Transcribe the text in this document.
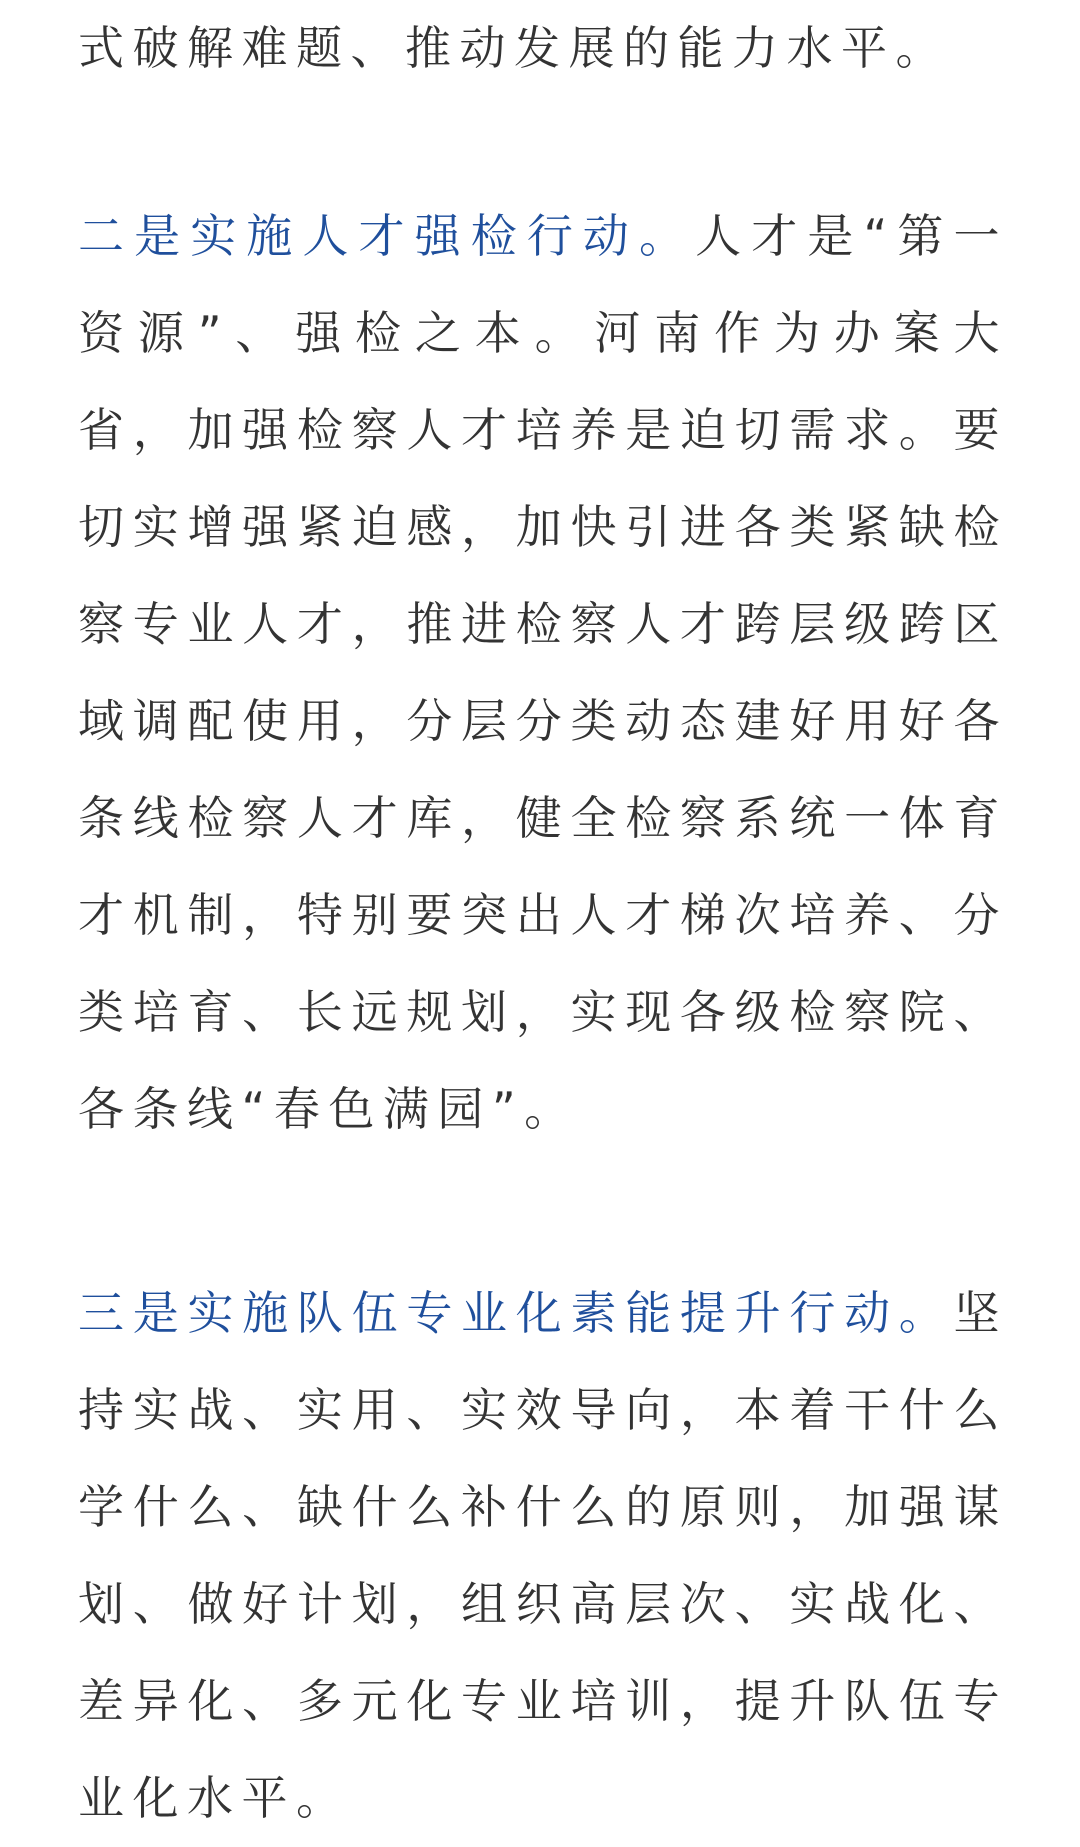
式破解难题、推动发展的能力水平。

二是实施人才强检行动。人才是“第一资源”、强检之本。河南作为办案大省，加强检察人才培养是迫切需求。要切实增强紧迫感，加快引进各类紧缺检察专业人才，推进检察人才跨层级跨区域调配使用，分层分类动态建好用好各条线检察人才库，健全检察系统一体育才机制，特别要突出人才梯次培养、分类培育、长远规划，实现各级检察院、各条线“春色满园”。

三是实施队伍专业化素能提升行动。坚持实战、实用、实效导向，本着干什么学什么、缺什么补什么的原则，加强谋划、做好计划，组织高层次、实战化、差异化、多元化专业培训，提升队伍专业化水平。
